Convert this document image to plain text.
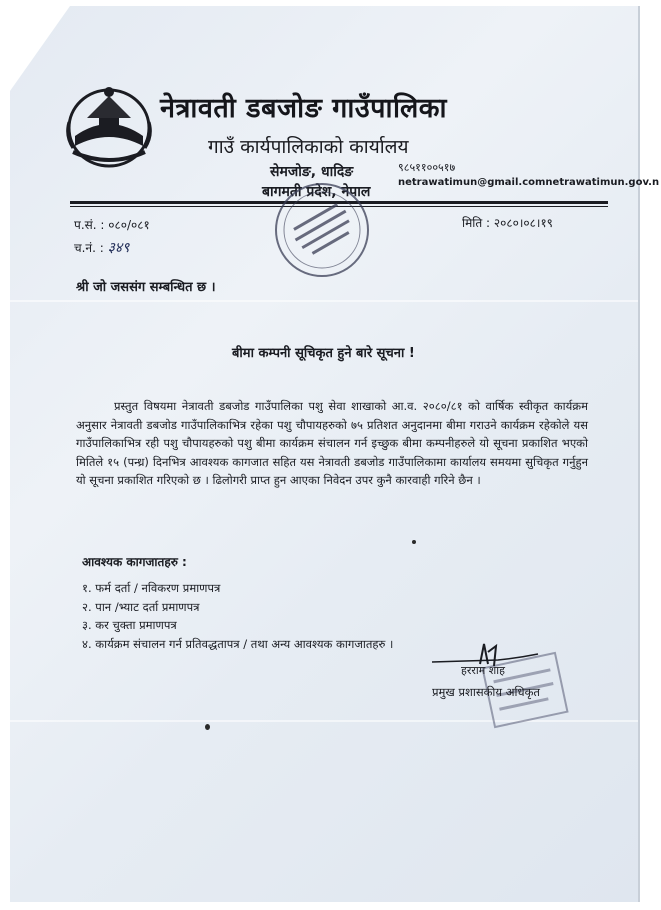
नेत्रावती डबजोङ गाउँपालिका
गाउँ कार्यपालिकाको कार्यालय
सेमजोङ, धादिङ
बागमती प्रदेश, नेपाल
९८५११००५१७
netrawatimun@gmail.comnetrawatimun.gov.n
प.सं. : ०८०/०८१
च.नं. : ३४९
मिति : २०८०।०८।१९
श्री जो जससंग सम्बन्धित छ ।
बीमा कम्पनी सूचिकृत हुने बारे सूचना !
प्रस्तुत विषयमा नेत्रावती डबजोड गाउँपालिका पशु सेवा शाखाको आ.व. २०८०/८१ को वार्षिक स्वीकृत कार्यक्रम अनुसार नेत्रावती डबजोड गाउँपालिकाभित्र रहेका पशु चौपायहरुको ७५ प्रतिशत अनुदानमा बीमा गराउने कार्यक्रम रहेकोले यस गाउँपालिकाभित्र रही पशु चौपायहरुको पशु बीमा कार्यक्रम संचालन गर्न इच्छुक बीमा कम्पनीहरुले यो सूचना प्रकाशित भएको मितिले १५ (पन्ध्र) दिनभित्र आवश्यक कागजात सहित यस नेत्रावती डबजोड गाउँपालिकामा कार्यालय समयमा सुचिकृत गर्नुहुन यो सूचना प्रकाशित गरिएको छ । ढिलोगरी प्राप्त हुन आएका निवेदन उपर कुनै कारवाही गरिने छैन ।
आवश्यक कागजातहरु :
१. फर्म दर्ता / नविकरण प्रमाणपत्र
२. पान /भ्याट दर्ता प्रमाणपत्र
३. कर चुक्ता प्रमाणपत्र
४. कार्यक्रम संचालन गर्न प्रतिवद्धतापत्र / तथा अन्य आवश्यक कागजातहरु ।
हरराम शाह
प्रमुख प्रशासकीय अधिकृत
